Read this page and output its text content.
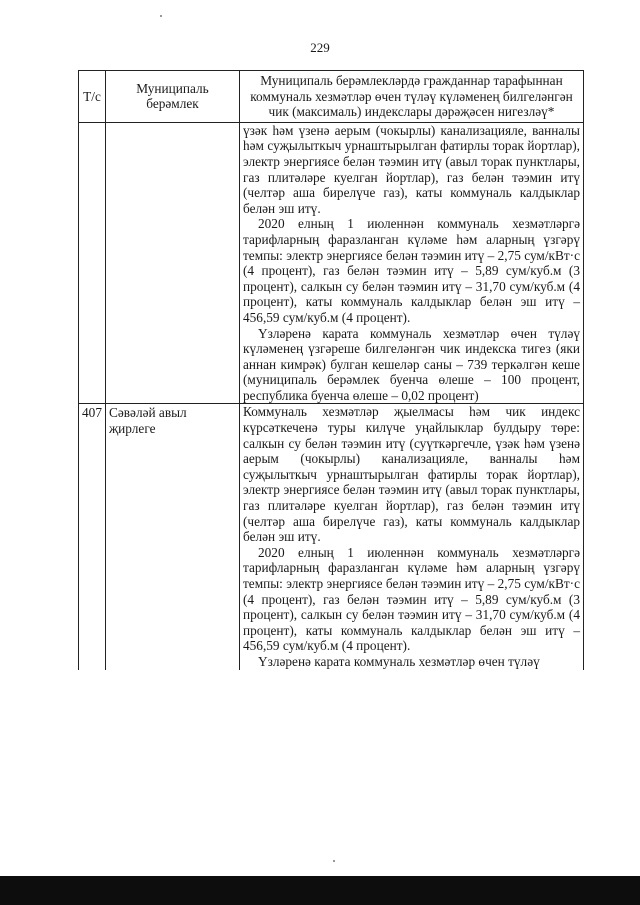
229
Т/с	Муниципаль берәмлек	Муниципаль берәмлекләрдә гражданнар тарафыннан коммуналь хезмәтләр өчен түләү күләменең билгеләнгән чик (максималь) индекслары дәрәҗәсен нигезләү*

		үзәк һәм үзенә аерым (чокырлы) канализацияле, ванналы һәм суҗылыткыч урнаштырылган фатирлы торак йортлар), электр энергиясе белән тәэмин итү (авыл торак пунктлары, газ плитәләре куелган йортлар), газ белән тәэмин итү (челтәр аша бирелүче газ), каты коммуналь калдыклар белән эш итү.

2020 елның 1 июленнән коммуналь хезмәтләргә тарифларның фаразланган күләме һәм аларның үзгәрү темпы: электр энергиясе белән тәэмин итү – 2,75 сум/кВт·с (4 процент), газ белән тәэмин итү – 5,89 сум/куб.м (3 процент), салкын су белән тәэмин итү – 31,70 сум/куб.м (4 процент), каты коммуналь калдыклар белән эш итү – 456,59 сум/куб.м (4 процент).

Үзләренә карата коммуналь хезмәтләр өчен түләү күләменең үзгәреше билгеләнгән чик индекска тигез (яки аннан кимрәк) булган кешеләр саны – 739 теркәлгән кеше (муниципаль берәмлек буенча өлеше – 100 процент, республика буенча өлеше – 0,02 процент)

407	Сәвәләй авыл җирлеге	Коммуналь хезмәтләр җыелмасы һәм чик индекс күрсәткеченә туры килүче уңайлыклар булдыру төре: салкын су белән тәэмин итү (суүткәргечле, үзәк һәм үзенә аерым (чокырлы) канализацияле, ванналы һәм суҗылыткыч урнаштырылган фатирлы торак йортлар), электр энергиясе белән тәэмин итү (авыл торак пунктлары, газ плитәләре куелган йортлар), газ белән тәэмин итү (челтәр аша бирелүче газ), каты коммуналь калдыклар белән эш итү.

2020 елның 1 июленнән коммуналь хезмәтләргә тарифларның фаразланган күләме һәм аларның үзгәрү темпы: электр энергиясе белән тәэмин итү – 2,75 сум/кВт·с (4 процент), газ белән тәэмин итү – 5,89 сум/куб.м (3 процент), салкын су белән тәэмин итү – 31,70 сум/куб.м (4 процент), каты коммуналь калдыклар белән эш итү – 456,59 сум/куб.м (4 процент).

Үзләренә карата коммуналь хезмәтләр өчен түләү
